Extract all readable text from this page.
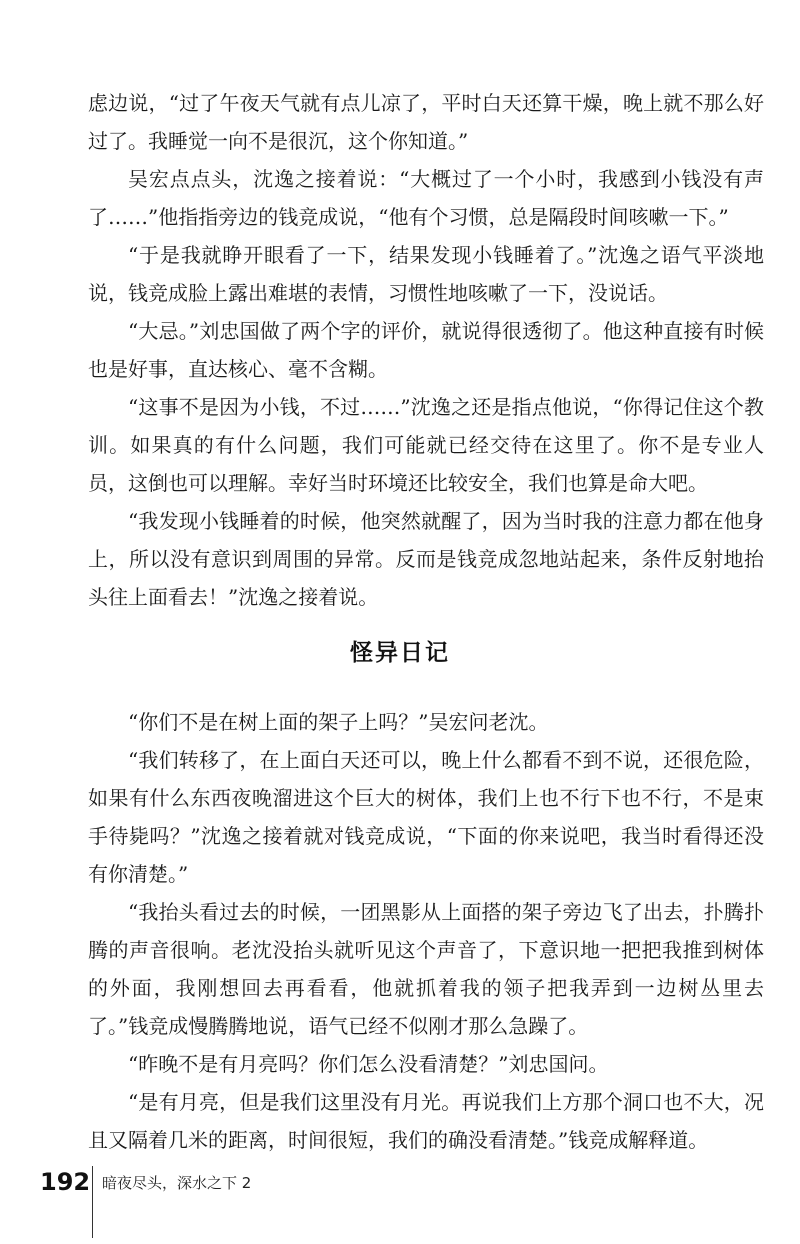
虑边说，“过了午夜天气就有点儿凉了，平时白天还算干燥，晚上就不那么好过了。我睡觉一向不是很沉，这个你知道。”

吴宏点点头，沈逸之接着说：“大概过了一个小时，我感到小钱没有声了……”他指指旁边的钱竞成说，“他有个习惯，总是隔段时间咳嗽一下。”

“于是我就睁开眼看了一下，结果发现小钱睡着了。”沈逸之语气平淡地说，钱竞成脸上露出难堪的表情，习惯性地咳嗽了一下，没说话。

“大忌。”刘忠国做了两个字的评价，就说得很透彻了。他这种直接有时候也是好事，直达核心、毫不含糊。

“这事不是因为小钱，不过……”沈逸之还是指点他说，“你得记住这个教训。如果真的有什么问题，我们可能就已经交待在这里了。你不是专业人员，这倒也可以理解。幸好当时环境还比较安全，我们也算是命大吧。

“我发现小钱睡着的时候，他突然就醒了，因为当时我的注意力都在他身上，所以没有意识到周围的异常。反而是钱竞成忽地站起来，条件反射地抬头往上面看去！”沈逸之接着说。

怪异日记

“你们不是在树上面的架子上吗？”吴宏问老沈。

“我们转移了，在上面白天还可以，晚上什么都看不到不说，还很危险，如果有什么东西夜晚溜进这个巨大的树体，我们上也不行下也不行，不是束手待毙吗？”沈逸之接着就对钱竞成说，“下面的你来说吧，我当时看得还没有你清楚。”

“我抬头看过去的时候，一团黑影从上面搭的架子旁边飞了出去，扑腾扑腾的声音很响。老沈没抬头就听见这个声音了，下意识地一把把我推到树体的外面，我刚想回去再看看，他就抓着我的领子把我弄到一边树丛里去了。”钱竞成慢腾腾地说，语气已经不似刚才那么急躁了。

“昨晚不是有月亮吗？你们怎么没看清楚？”刘忠国问。

“是有月亮，但是我们这里没有月光。再说我们上方那个洞口也不大，况且又隔着几米的距离，时间很短，我们的确没看清楚。”钱竞成解释道。

192 暗夜尽头，深水之下 2
